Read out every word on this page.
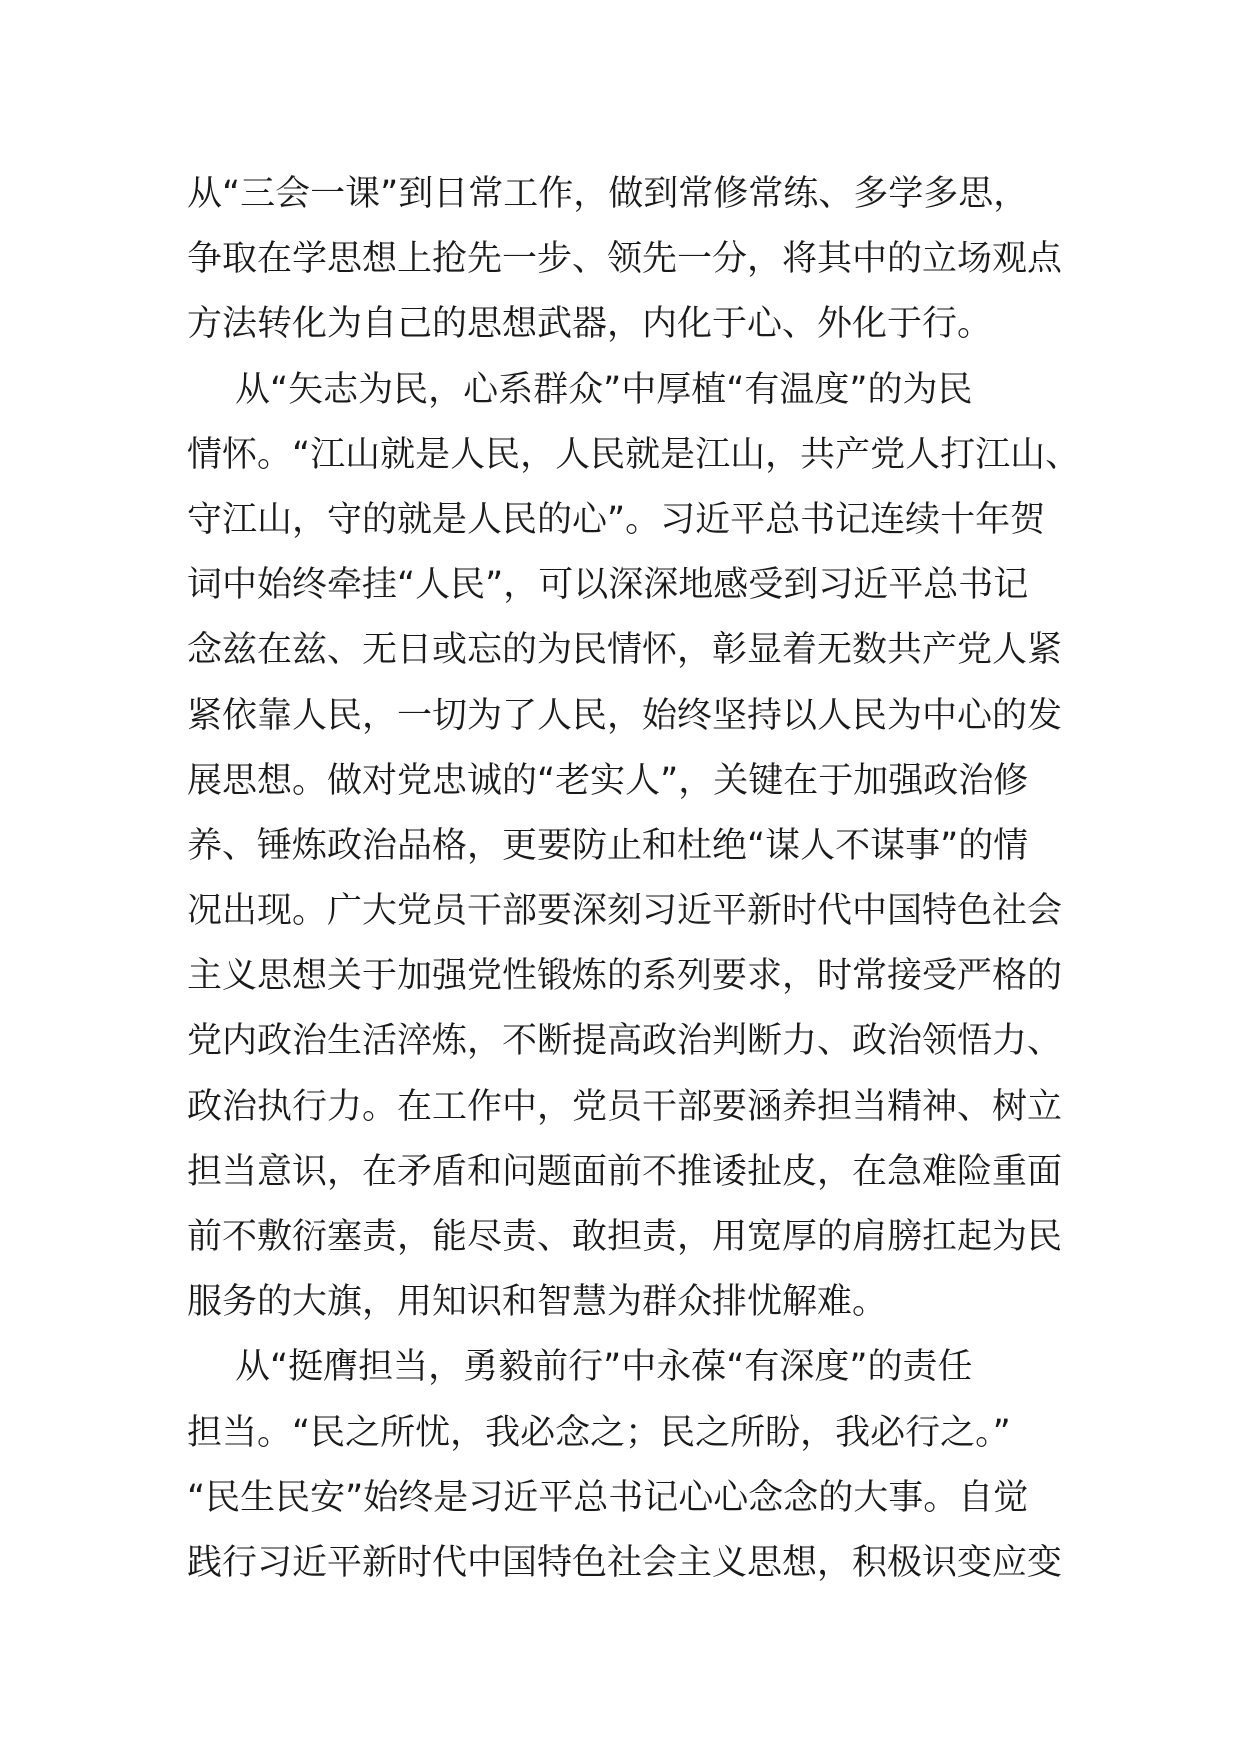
从“三会一课”到日常工作，做到常修常练、多学多思，
争取在学思想上抢先一步、领先一分，将其中的立场观点
方法转化为自己的思想武器，内化于心、外化于行。
从“矢志为民，心系群众”中厚植“有温度”的为民
情怀。“江山就是人民，人民就是江山，共产党人打江山、
守江山，守的就是人民的心”。习近平总书记连续十年贺
词中始终牵挂“人民”，可以深深地感受到习近平总书记
念兹在兹、无日或忘的为民情怀，彰显着无数共产党人紧
紧依靠人民，一切为了人民，始终坚持以人民为中心的发
展思想。做对党忠诚的“老实人”，关键在于加强政治修
养、锤炼政治品格，更要防止和杜绝“谋人不谋事”的情
况出现。广大党员干部要深刻习近平新时代中国特色社会
主义思想关于加强党性锻炼的系列要求，时常接受严格的
党内政治生活淬炼，不断提高政治判断力、政治领悟力、
政治执行力。在工作中，党员干部要涵养担当精神、树立
担当意识，在矛盾和问题面前不推诿扯皮，在急难险重面
前不敷衍塞责，能尽责、敢担责，用宽厚的肩膀扛起为民
服务的大旗，用知识和智慧为群众排忧解难。
从“挺膺担当，勇毅前行”中永葆“有深度”的责任
担当。“民之所忧，我必念之；民之所盼，我必行之。”
“民生民安”始终是习近平总书记心心念念的大事。自觉
践行习近平新时代中国特色社会主义思想，积极识变应变
